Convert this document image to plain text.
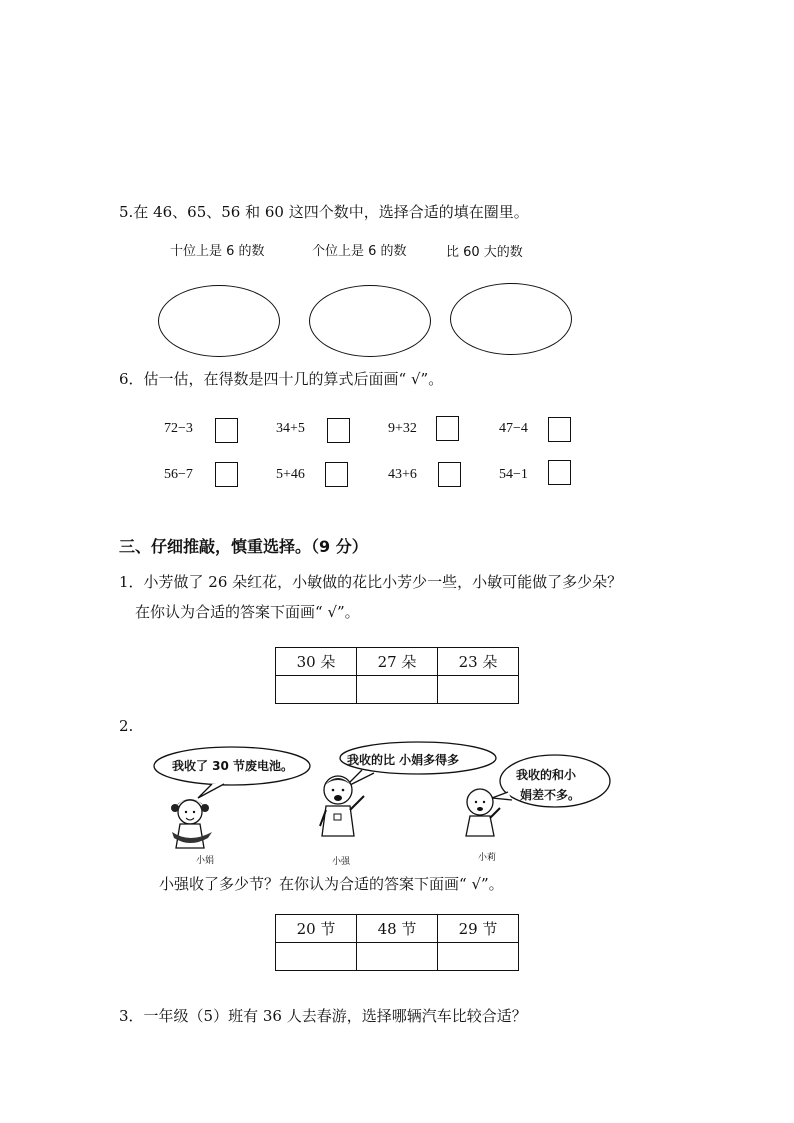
5.在 46、65、56 和 60 这四个数中，选择合适的填在圈里。
十位上是 6 的数	个位上是 6 的数	比 60 大的数
6．估一估，在得数是四十几的算式后面画“ √”。
72−3	34+5	9+32	47−4
56−7	5+46	43+6	54−1
三、仔细推敲，慎重选择。（9 分）
1．小芳做了 26 朵红花，小敏做的花比小芳少一些，小敏可能做了多少朵？
在你认为合适的答案下面画“ √”。
30 朵	27 朵	23 朵

2.
我收了 30 节废电池。	我收的比 小娟多得多
我收的和小
娟差不多。
小娟	小强	小莉
小强收了多少节？在你认为合适的答案下面画“ √”。
20 节	48 节	29 节

3．一年级（5）班有 36 人去春游，选择哪辆汽车比较合适？
